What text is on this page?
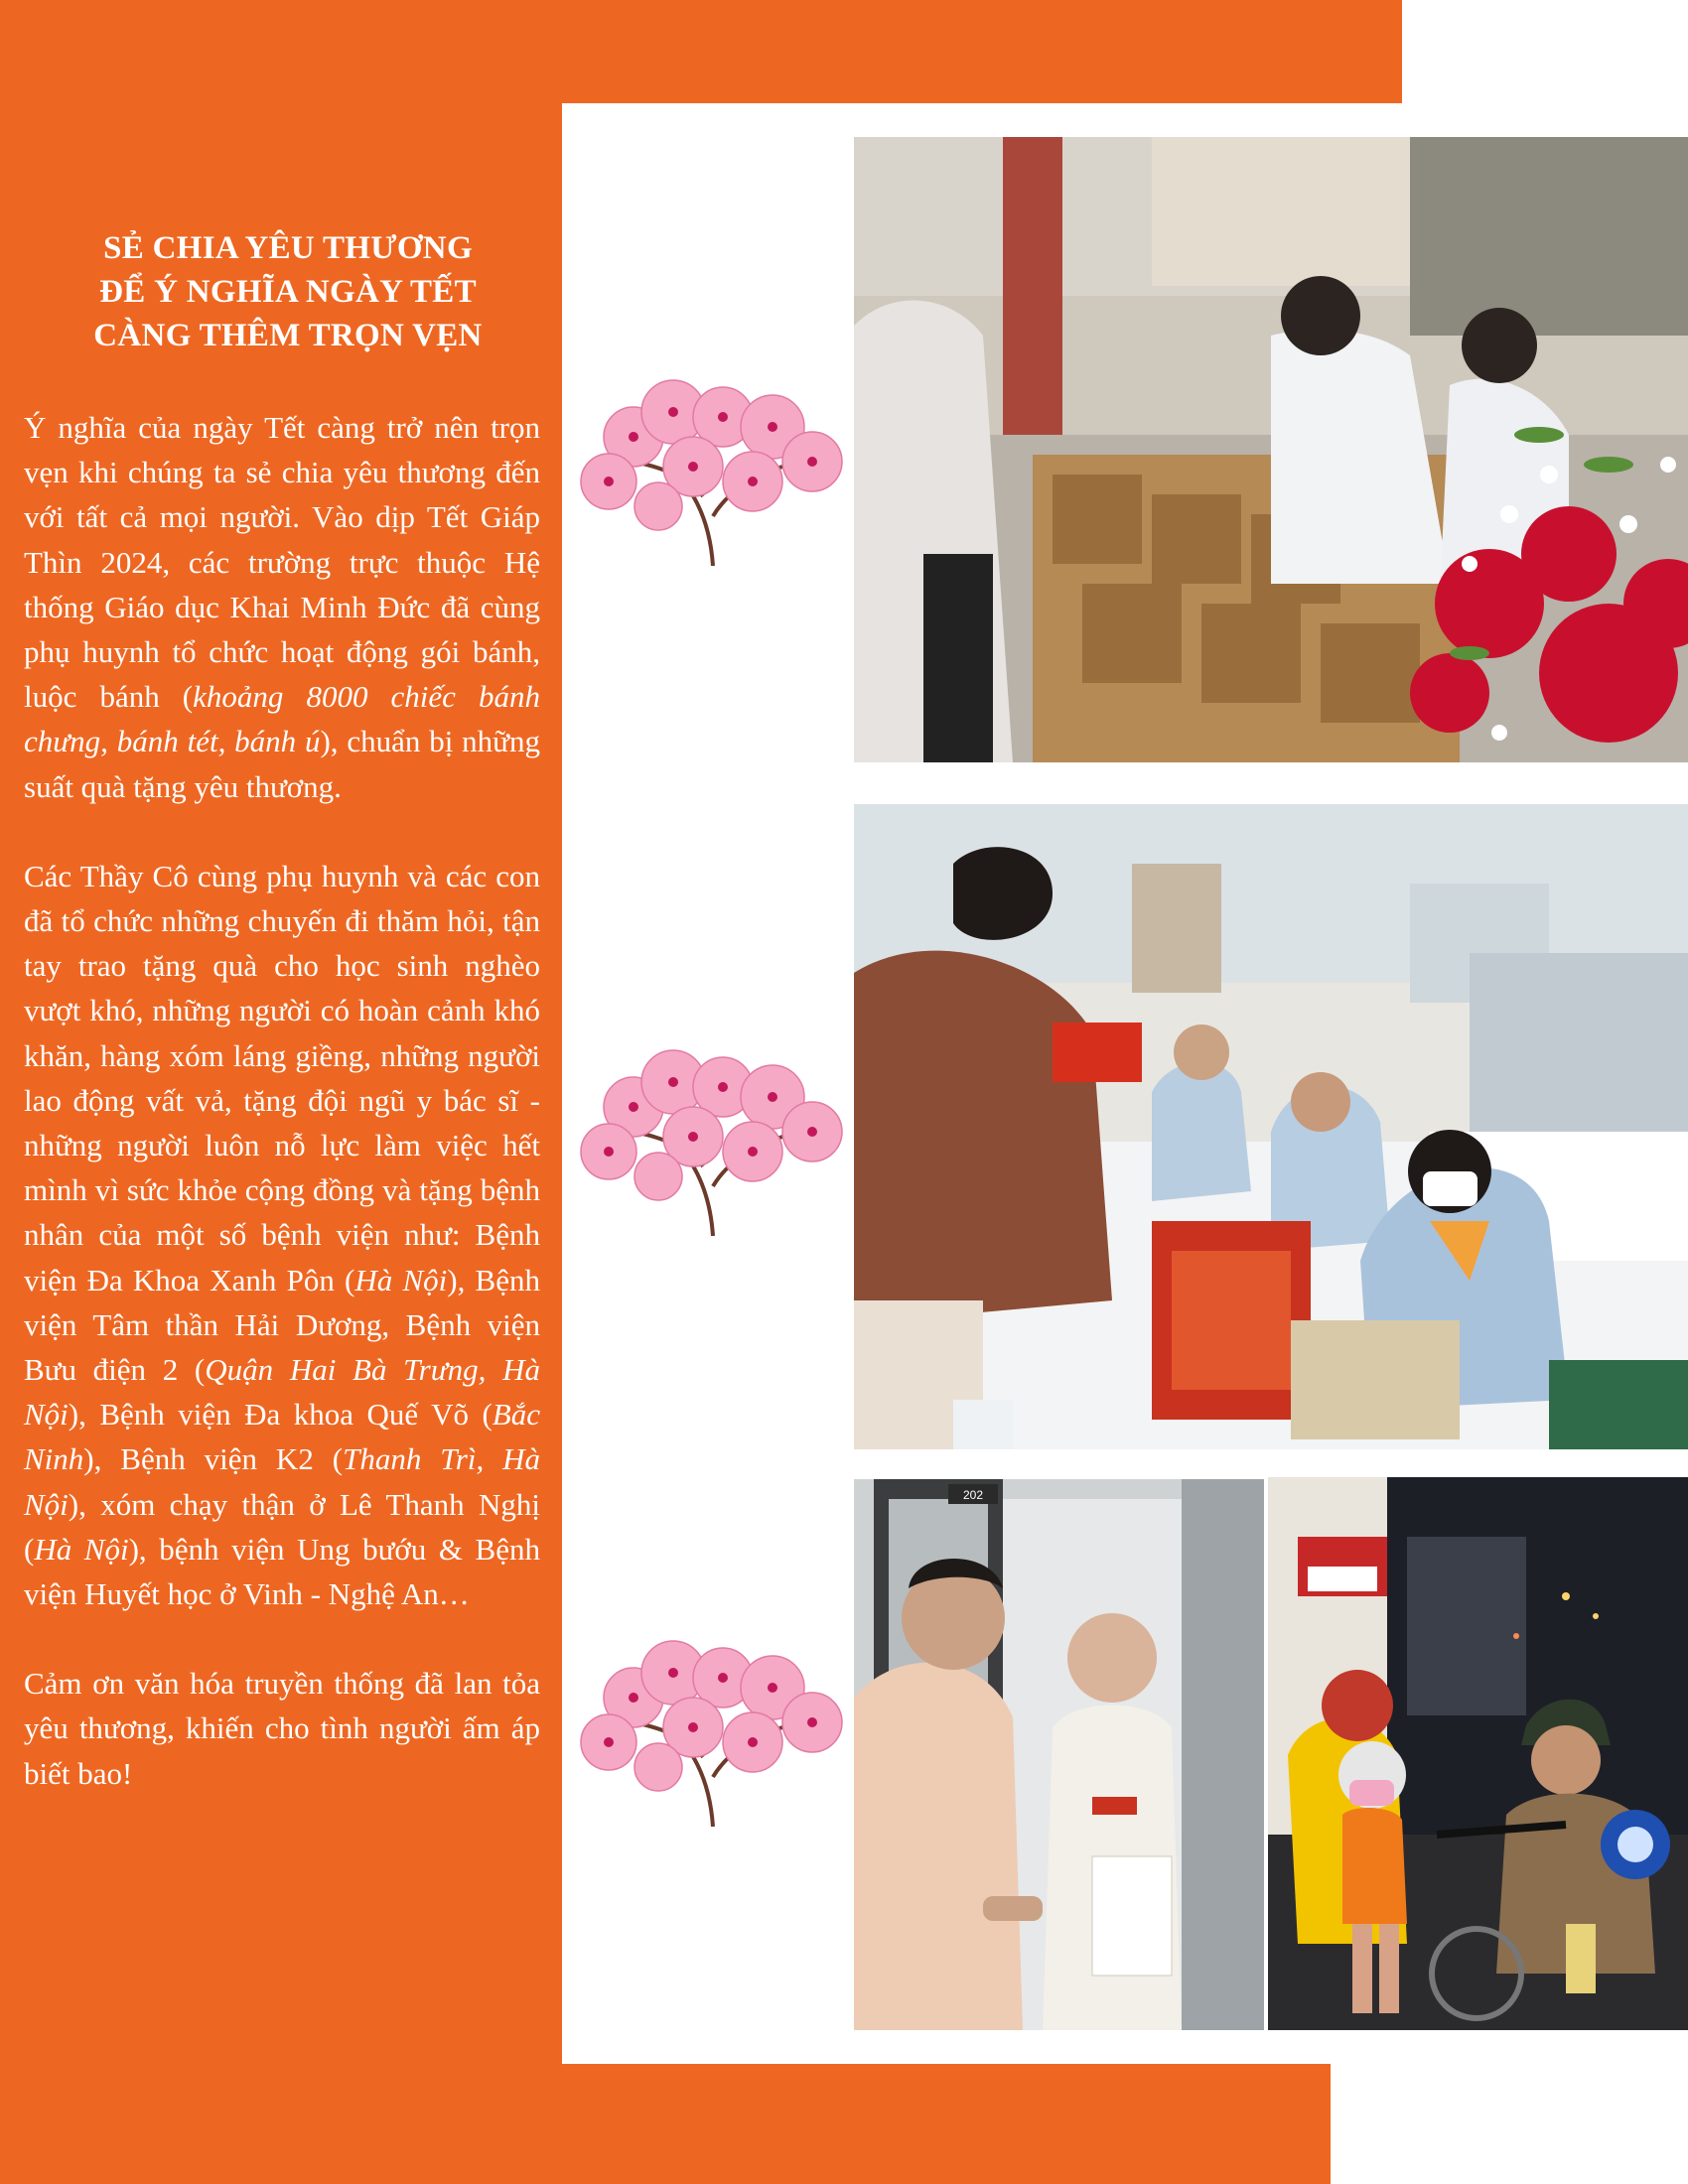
SẺ CHIA YÊU THƯƠNG
ĐỂ Ý NGHĨA NGÀY TẾT
CÀNG THÊM TRỌN VẸN

Ý nghĩa của ngày Tết càng trở nên trọn vẹn khi chúng ta sẻ chia yêu thương đến với tất cả mọi người. Vào dịp Tết Giáp Thìn 2024, các trường trực thuộc Hệ thống Giáo dục Khai Minh Đức đã cùng phụ huynh tổ chức hoạt động gói bánh, luộc bánh (khoảng 8000 chiếc bánh chưng, bánh tét, bánh ú), chuẩn bị những suất quà tặng yêu thương.

Các Thầy Cô cùng phụ huynh và các con đã tổ chức những chuyến đi thăm hỏi, tận tay trao tặng quà cho học sinh nghèo vượt khó, những người có hoàn cảnh khó khăn, hàng xóm láng giềng, những người lao động vất vả, tặng đội ngũ y bác sĩ - những người luôn nỗ lực làm việc hết mình vì sức khỏe cộng đồng và tặng bệnh nhân của một số bệnh viện như: Bệnh viện Đa Khoa Xanh Pôn (Hà Nội), Bệnh viện Tâm thần Hải Dương, Bệnh viện Bưu điện 2 (Quận Hai Bà Trưng, Hà Nội), Bệnh viện Đa khoa Quế Võ (Bắc Ninh), Bệnh viện K2 (Thanh Trì, Hà Nội), xóm chạy thận ở Lê Thanh Nghị (Hà Nội), bệnh viện Ung bướu & Bệnh viện Huyết học ở Vinh - Nghệ An…

Cảm ơn văn hóa truyền thống đã lan tỏa yêu thương, khiến cho tình người ấm áp biết bao!

202
